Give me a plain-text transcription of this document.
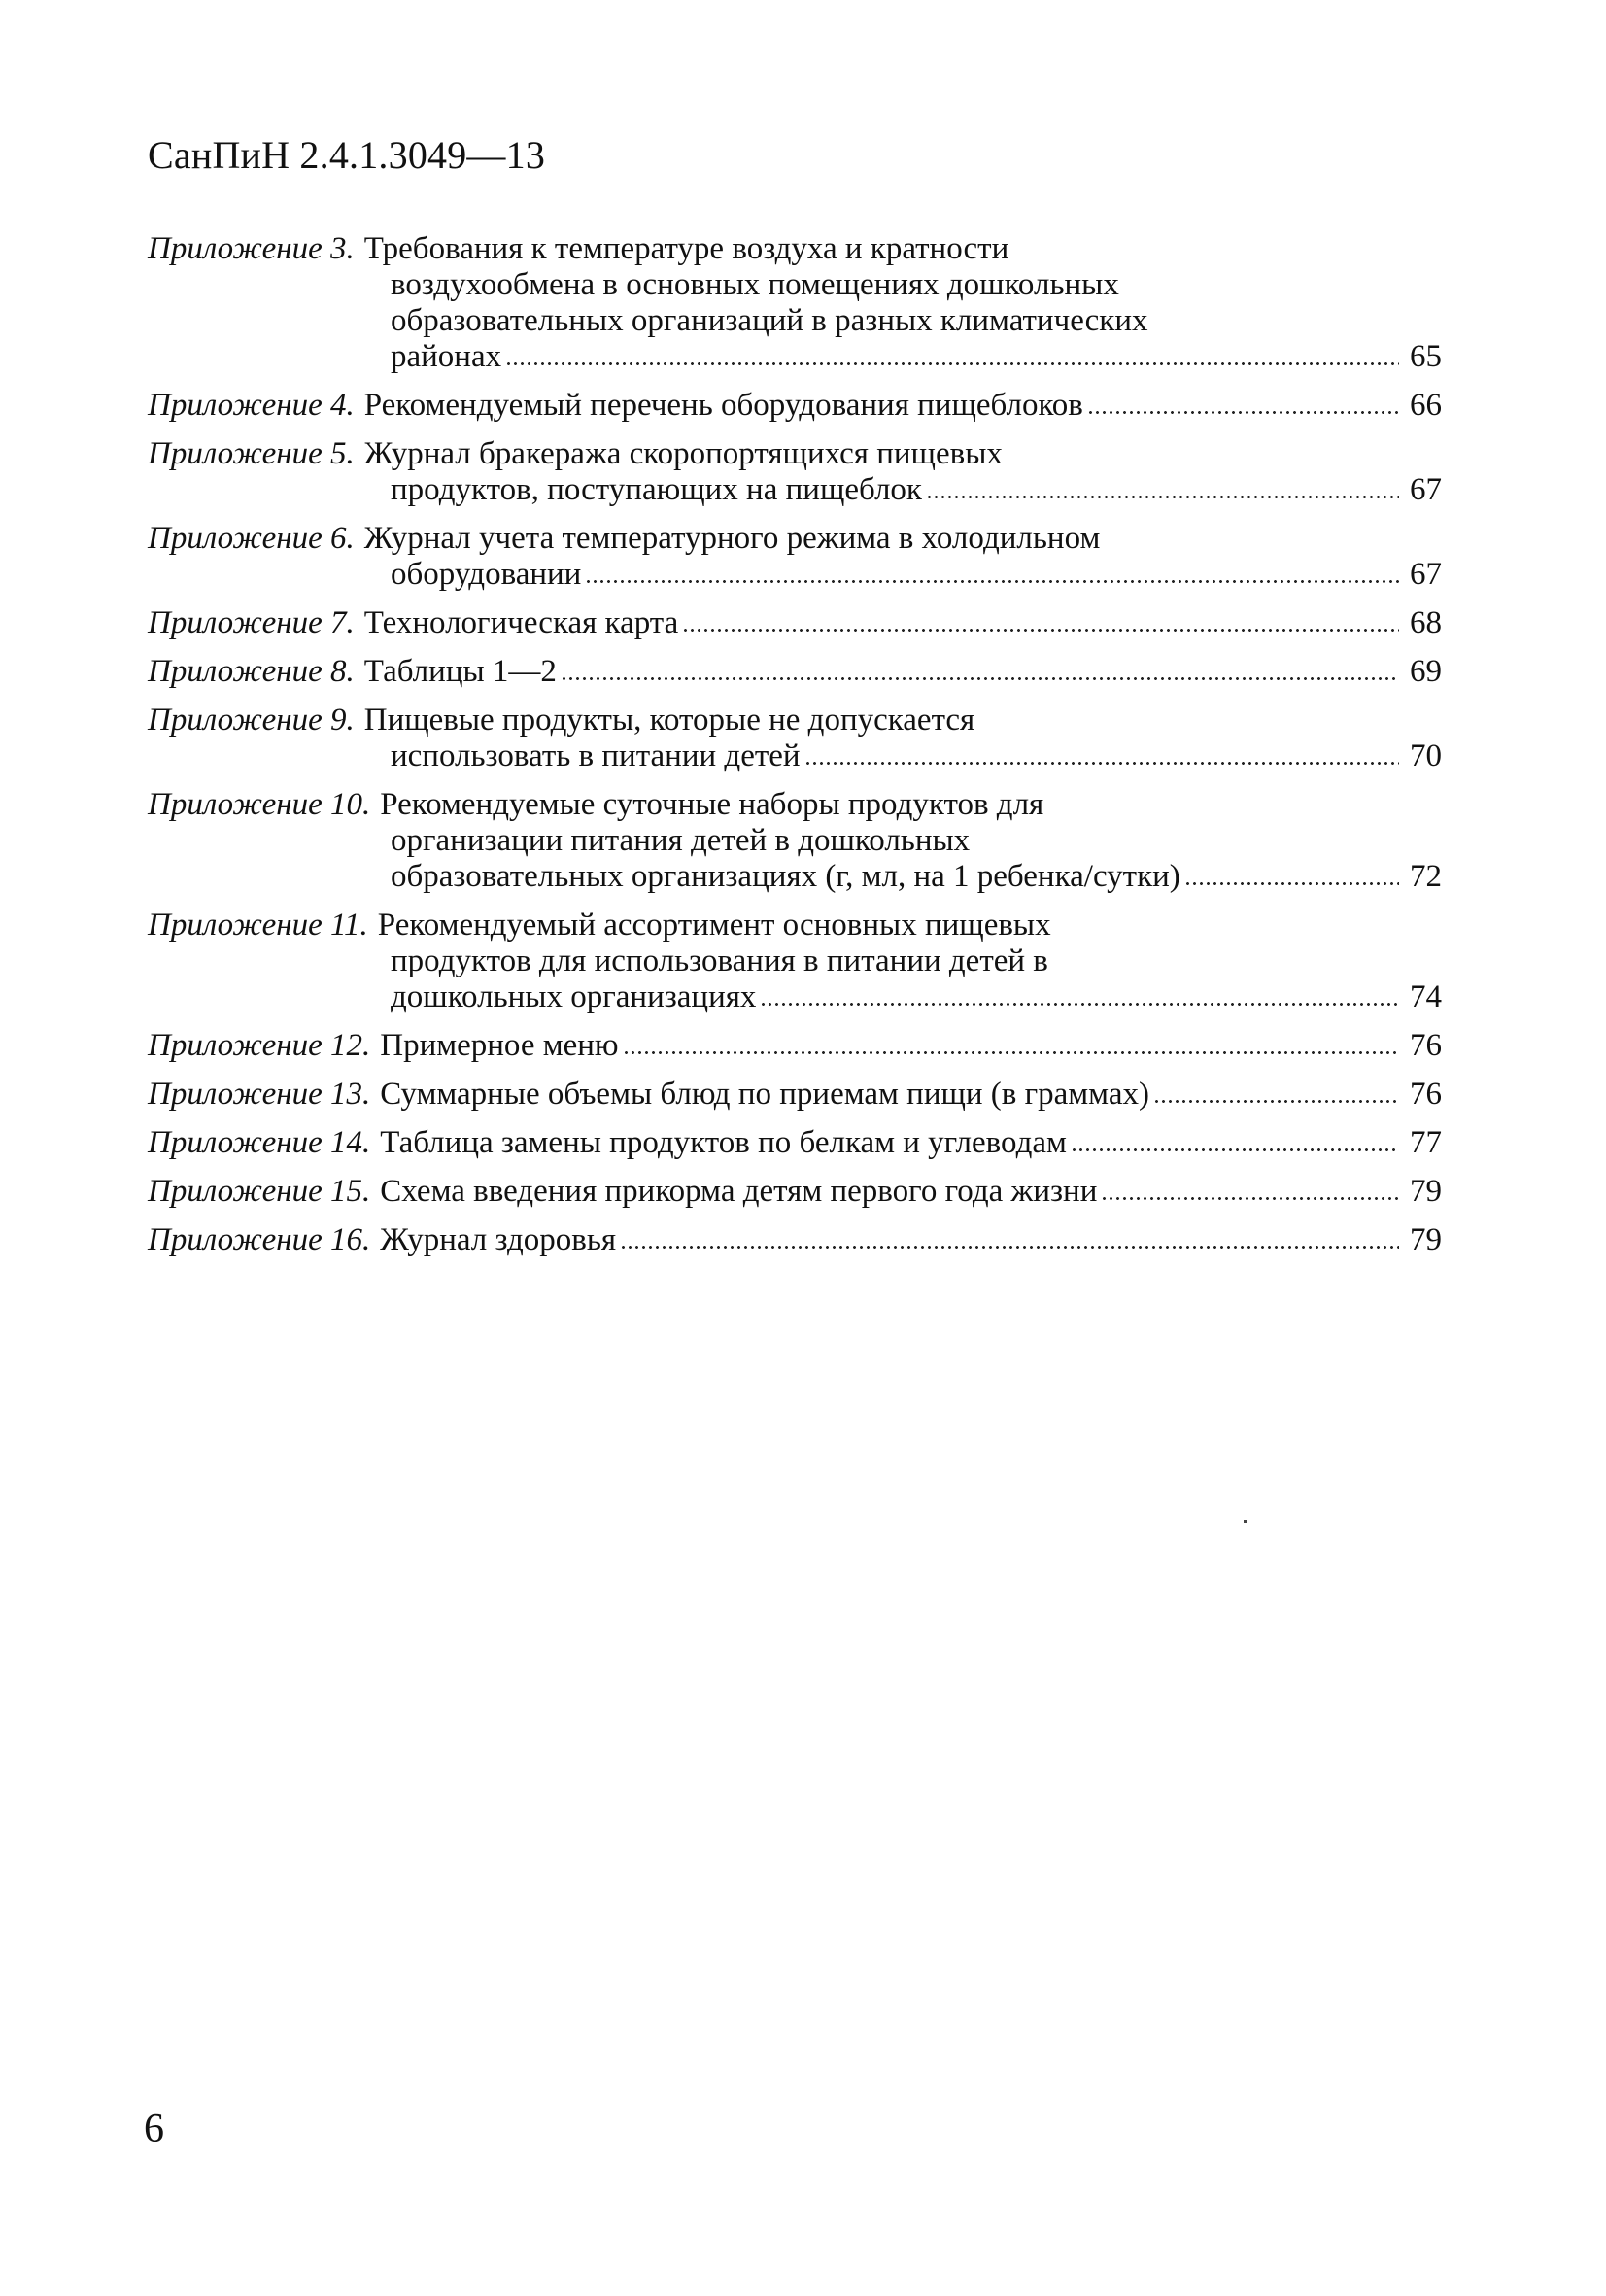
СанПиН 2.4.1.3049—13
Приложение 3. Требования к температуре воздуха и кратности
воздухообмена в основных помещениях дошкольных
образовательных организаций в разных климатических
районах	65
Приложение 4. Рекомендуемый перечень оборудования пищеблоков	66
Приложение 5. Журнал бракеража скоропортящихся пищевых
продуктов, поступающих на пищеблок	67
Приложение 6. Журнал учета температурного режима в холодильном
оборудовании	67
Приложение 7. Технологическая карта	68
Приложение 8. Таблицы 1—2	69
Приложение 9. Пищевые продукты, которые не допускается
использовать в питании детей	70
Приложение 10. Рекомендуемые суточные наборы продуктов для
организации питания детей в дошкольных
образовательных организациях (г, мл, на 1 ребенка/сутки)	72
Приложение 11. Рекомендуемый ассортимент основных пищевых
продуктов для использования в питании детей в
дошкольных организациях	74
Приложение 12. Примерное меню	76
Приложение 13. Суммарные объемы блюд по приемам пищи (в граммах)	76
Приложение 14. Таблица замены продуктов по белкам и углеводам	77
Приложение 15. Схема введения прикорма детям первого года жизни	79
Приложение 16. Журнал здоровья	79
6
